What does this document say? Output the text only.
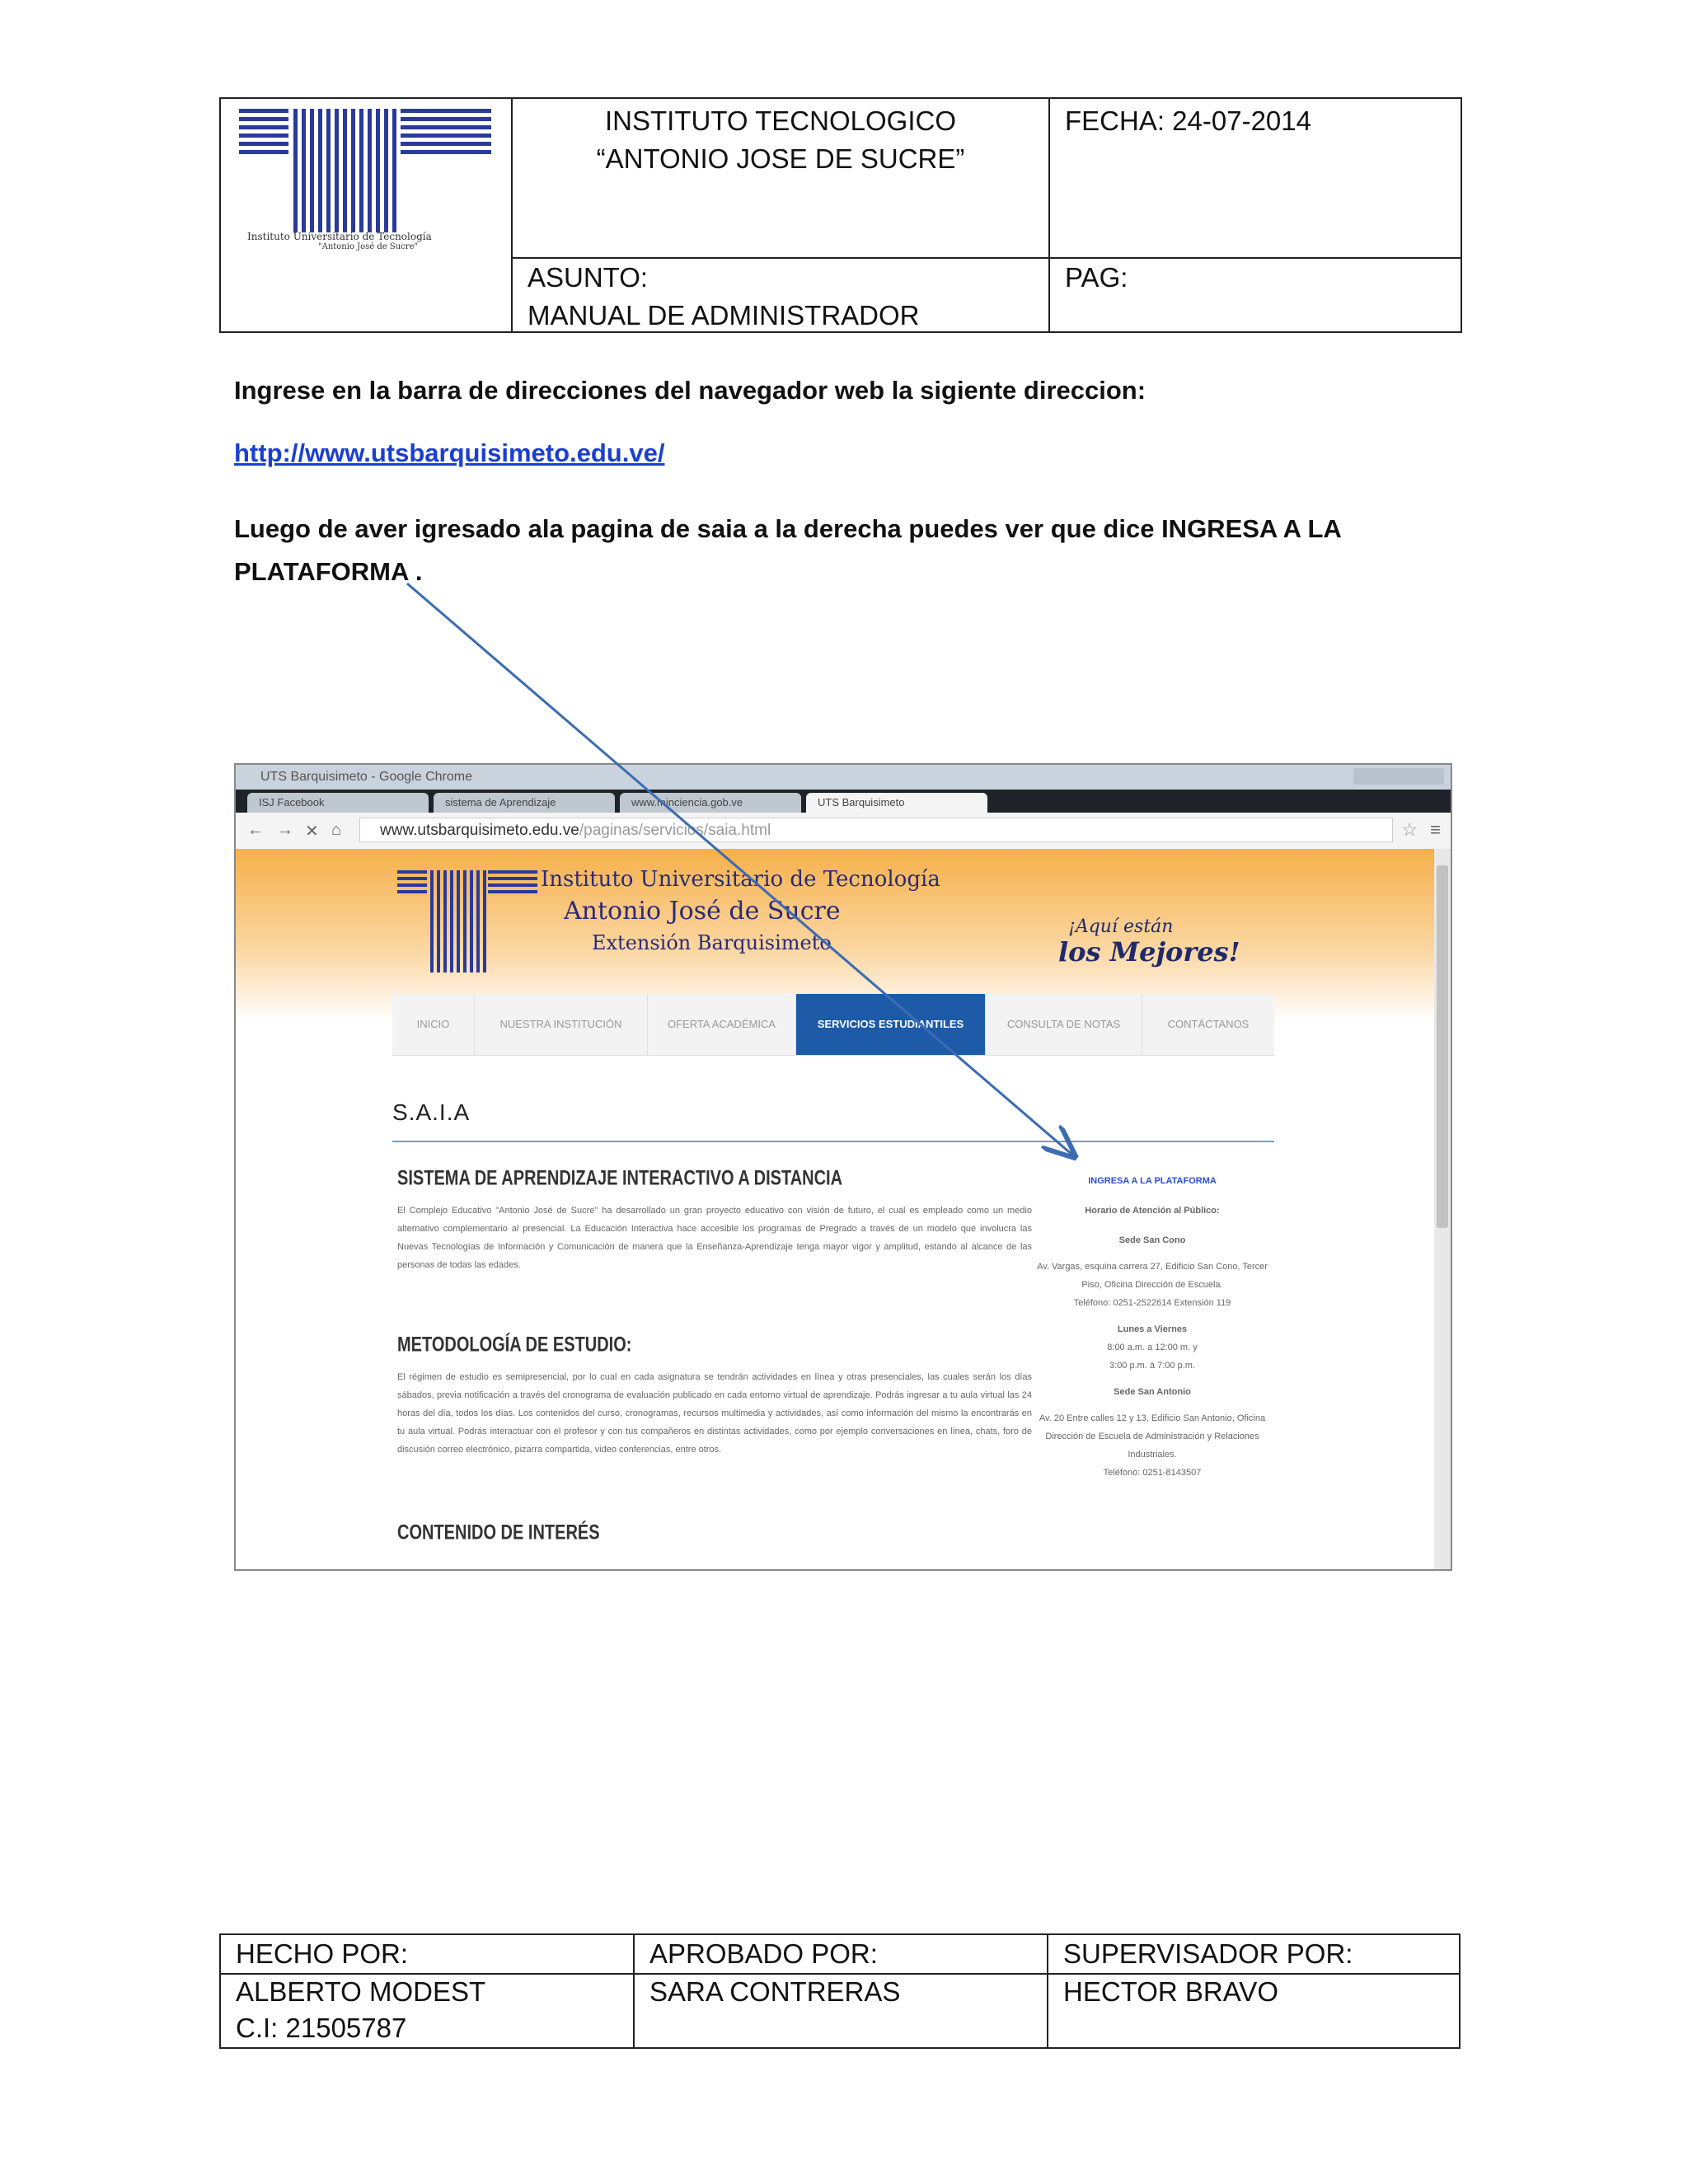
Instituto Universitario de Tecnología
"Antonio José de Sucre"
INSTITUTO TECNOLOGICO “ANTONIO JOSE DE SUCRE”
FECHA: 24-07-2014
ASUNTO:
MANUAL DE ADMINISTRADOR
PAG:
Ingrese en la barra de direcciones del navegador web la sigiente direccion:
http://www.utsbarquisimeto.edu.ve/
Luego de aver igresado ala pagina de saia a la derecha puedes ver que dice INGRESA A LA PLATAFORMA .
UTS Barquisimeto - Google Chrome
ISJ Facebook	sistema de Aprendizaje	www.minciencia.gob.ve	UTS Barquisimeto
← → ✕ ⌂	www.utsbarquisimeto.edu.ve/paginas/servicios/saia.html	☆ ≡
Instituto Universitario de Tecnología
Antonio José de Sucre
Extensión Barquisimeto
¡Aquí están
los Mejores!
INICIO	NUESTRA INSTITUCIÓN	OFERTA ACADÉMICA	SERVICIOS ESTUDIANTILES	CONSULTA DE NOTAS	CONTÁCTANOS
S.A.I.A
SISTEMA DE APRENDIZAJE INTERACTIVO A DISTANCIA
El Complejo Educativo "Antonio José de Sucre" ha desarrollado un gran proyecto educativo con visión de futuro, el cual es empleado como un medio alternativo complementario al presencial. La Educación Interactiva hace accesible los programas de Pregrado a través de un modelo que involucra las Nuevas Tecnologías de Información y Comunicación de manera que la Enseñanza-Aprendizaje tenga mayor vigor y amplitud, estando al alcance de las personas de todas las edades.
METODOLOGÍA DE ESTUDIO:
El régimen de estudio es semipresencial, por lo cual en cada asignatura se tendrán actividades en línea y otras presenciales, las cuales serán los días sábados, previa notificación a través del cronograma de evaluación publicado en cada entorno virtual de aprendizaje. Podrás ingresar a tu aula virtual las 24 horas del día, todos los días. Los contenidos del curso, cronogramas, recursos multimedia y actividades, así como información del mismo la encontrarás en tu aula virtual. Podrás interactuar con el profesor y con tus compañeros en distintas actividades, como por ejemplo conversaciones en línea, chats, foro de discusión correo electrónico, pizarra compartida, video conferencias, entre otros.
CONTENIDO DE INTERÉS
INGRESA A LA PLATAFORMA
Horario de Atención al Público:
Sede San Cono
Av. Vargas, esquina carrera 27, Edificio San Cono, Tercer Piso, Oficina Dirección de Escuela.
Teléfono: 0251-2522614 Extensión 119
Lunes a Viernes
8:00 a.m. a 12:00 m. y
3:00 p.m. a 7:00 p.m.
Sede San Antonio
Av. 20 Entre calles 12 y 13, Edificio San Antonio, Oficina Dirección de Escuela de Administración y Relaciones Industriales.
Teléfono: 0251-8143507
HECHO POR:	APROBADO POR:	SUPERVISADOR POR:
ALBERTO MODEST
C.I: 21505787
SARA CONTRERAS	HECTOR BRAVO
